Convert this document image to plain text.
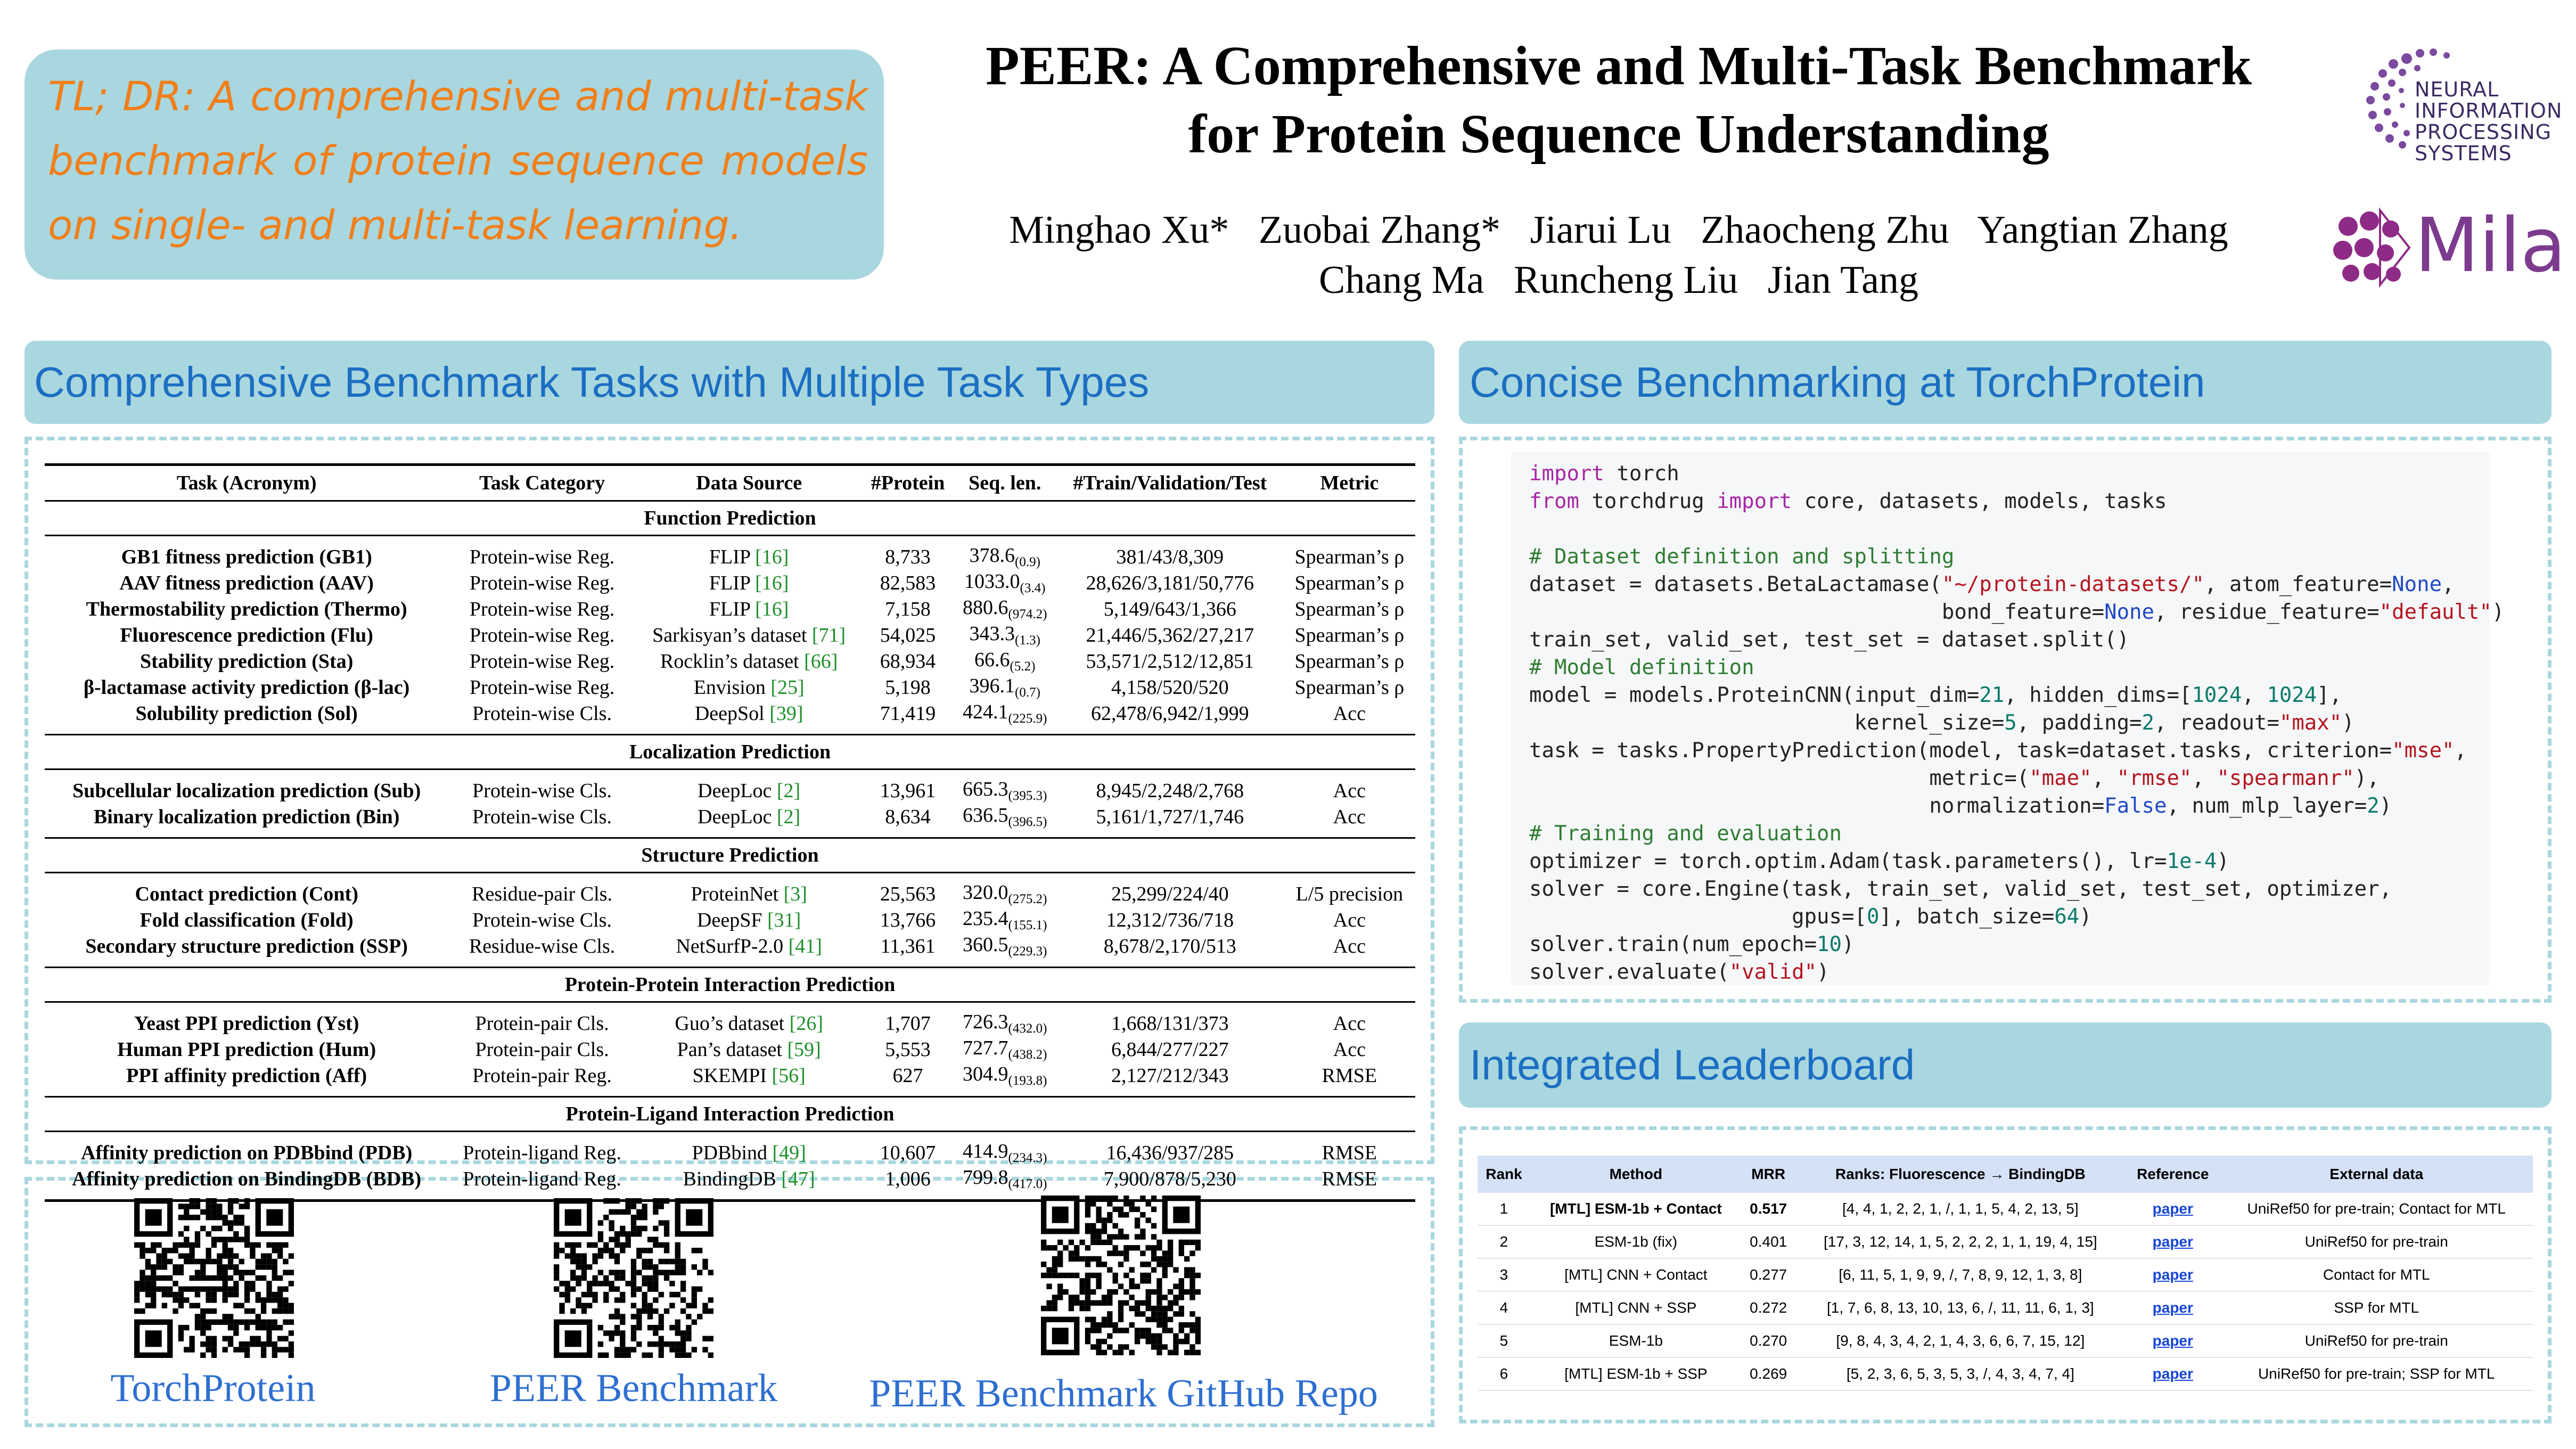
TL; DR: A comprehensive and multi-task benchmark of protein sequence models on single- and multi-task learning.
PEER: A Comprehensive and Multi-Task Benchmark
for Protein Sequence Understanding
Minghao Xu*   Zuobai Zhang*   Jiarui Lu   Zhaocheng Zhu   Yangtian Zhang
Chang Ma   Runcheng Liu   Jian Tang
NEURAL INFORMATION PROCESSING SYSTEMS
Mila
Comprehensive Benchmark Tasks with Multiple Task Types	Concise Benchmarking at TorchProtein
Integrated Leaderboard
Task (Acronym)	Task Category	Data Source	#Protein	Seq. len.	#Train/Validation/Test	Metric
Function Prediction						
GB1 fitness prediction (GB1)	Protein-wise Reg.	FLIP [16]	8,733	$378.6_{(0.9)}$	381/43/8,309	Spearman’s ρ
AAV fitness prediction (AAV)	Protein-wise Reg.	FLIP [16]	82,583	$1033.0_{(3.4)}$	28,626/3,181/50,776	Spearman’s ρ
Thermostability prediction (Thermo)	Protein-wise Reg.	FLIP [16]	7,158	$880.6_{(974.2)}$	5,149/643/1,366	Spearman’s ρ
Fluorescence prediction (Flu)	Protein-wise Reg.	Sarkisyan’s dataset [71]	54,025	$343.3_{(1.3)}$	21,446/5,362/27,217	Spearman’s ρ
Stability prediction (Sta)	Protein-wise Reg.	Rocklin’s dataset [66]	68,934	$66.6_{(5.2)}$	53,571/2,512/12,851	Spearman’s ρ
β-lactamase activity prediction (β-lac)	Protein-wise Reg.	Envision [25]	5,198	$396.1_{(0.7)}$	4,158/520/520	Spearman’s ρ
Solubility prediction (Sol)	Protein-wise Cls.	DeepSol [39]	71,419	$424.1_{(225.9)}$	62,478/6,942/1,999	Acc
Localization Prediction						
Subcellular localization prediction (Sub)	Protein-wise Cls.	DeepLoc [2]	13,961	$665.3_{(395.3)}$	8,945/2,248/2,768	Acc
Binary localization prediction (Bin)	Protein-wise Cls.	DeepLoc [2]	8,634	$636.5_{(396.5)}$	5,161/1,727/1,746	Acc
Structure Prediction						
Contact prediction (Cont)	Residue-pair Cls.	ProteinNet [3]	25,563	$320.0_{(275.2)}$	25,299/224/40	L/5 precision
Fold classification (Fold)	Protein-wise Cls.	DeepSF [31]	13,766	$235.4_{(155.1)}$	12,312/736/718	Acc
Secondary structure prediction (SSP)	Residue-wise Cls.	NetSurfP-2.0 [41]	11,361	$360.5_{(229.3)}$	8,678/2,170/513	Acc
Protein-Protein Interaction Prediction						
Yeast PPI prediction (Yst)	Protein-pair Cls.	Guo’s dataset [26]	1,707	$726.3_{(432.0)}$	1,668/131/373	Acc
Human PPI prediction (Hum)	Protein-pair Cls.	Pan’s dataset [59]	5,553	$727.7_{(438.2)}$	6,844/277/227	Acc
PPI affinity prediction (Aff)	Protein-pair Reg.	SKEMPI [56]	627	$304.9_{(193.8)}$	2,127/212/343	RMSE
Protein-Ligand Interaction Prediction						
Affinity prediction on PDBbind (PDB)	Protein-ligand Reg.	PDBbind [49]	10,607	$414.9_{(234.3)}$	16,436/937/285	RMSE
Affinity prediction on BindingDB (BDB)	Protein-ligand Reg.	BindingDB [47]	1,006	$799.8_{(417.0)}$	7,900/878/5,230	RMSE
TorchProtein	PEER Benchmark	PEER Benchmark GitHub Repo
import torch
from torchdrug import core, datasets, models, tasks

# Dataset definition and splitting
dataset = datasets.BetaLactamase("~/protein-datasets/", atom_feature=None,
bond_feature=None, residue_feature="default")
train_set, valid_set, test_set = dataset.split()
# Model definition
model = models.ProteinCNN(input_dim=21, hidden_dims=[1024, 1024],
kernel_size=5, padding=2, readout="max")
task = tasks.PropertyPrediction(model, task=dataset.tasks, criterion="mse",
metric=("mae", "rmse", "spearmanr"),
normalization=False, num_mlp_layer=2)
# Training and evaluation
optimizer = torch.optim.Adam(task.parameters(), lr=1e-4)
solver = core.Engine(task, train_set, valid_set, test_set, optimizer,
gpus=[0], batch_size=64)
solver.train(num_epoch=10)
solver.evaluate("valid")
Rank	Method	MRR	Ranks: Fluorescence → BindingDB	Reference	External data
1	[MTL] ESM-1b + Contact	0.517	[4, 4, 1, 2, 2, 1, /, 1, 1, 5, 4, 2, 13, 5]	paper	UniRef50 for pre-train; Contact for MTL
2	ESM-1b (fix)	0.401	[17, 3, 12, 14, 1, 5, 2, 2, 2, 1, 1, 19, 4, 15]	paper	UniRef50 for pre-train
3	[MTL] CNN + Contact	0.277	[6, 11, 5, 1, 9, 9, /, 7, 8, 9, 12, 1, 3, 8]	paper	Contact for MTL
4	[MTL] CNN + SSP	0.272	[1, 7, 6, 8, 13, 10, 13, 6, /, 11, 11, 6, 1, 3]	paper	SSP for MTL
5	ESM-1b	0.270	[9, 8, 4, 3, 4, 2, 1, 4, 3, 6, 6, 7, 15, 12]	paper	UniRef50 for pre-train
6	[MTL] ESM-1b + SSP	0.269	[5, 2, 3, 6, 5, 3, 5, 3, /, 4, 3, 4, 7, 4]	paper	UniRef50 for pre-train; SSP for MTL
